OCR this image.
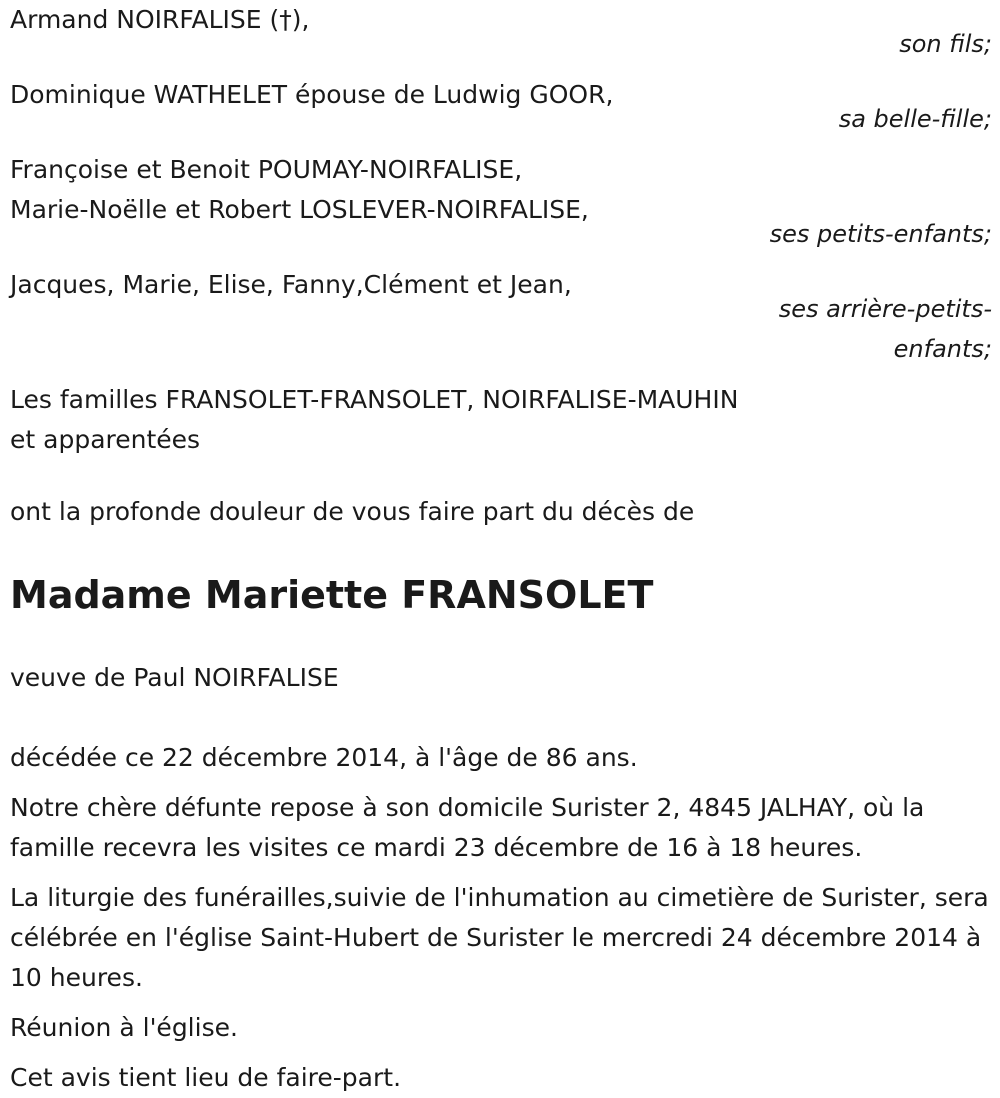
Armand NOIRFALISE (†),
son fils;
Dominique WATHELET épouse de Ludwig GOOR,
sa belle-fille;
Françoise et Benoit POUMAY-NOIRFALISE,
Marie-Noëlle et Robert LOSLEVER-NOIRFALISE,
ses petits-enfants;
Jacques, Marie, Elise, Fanny,Clément et Jean,
ses arrière-petits-enfants;
Les familles FRANSOLET-FRANSOLET, NOIRFALISE-MAUHIN
et apparentées
ont la profonde douleur de vous faire part du décès de
Madame Mariette FRANSOLET
veuve de Paul NOIRFALISE
décédée ce 22 décembre 2014, à l'âge de 86 ans.
Notre chère défunte repose à son domicile Surister 2, 4845 JALHAY, où la famille recevra les visites ce mardi 23 décembre de 16 à 18 heures.
La liturgie des funérailles,suivie de l'inhumation au cimetière de Surister, sera célébrée en l'église Saint-Hubert de Surister le mercredi 24 décembre 2014 à 10 heures.
Réunion à l'église.
Cet avis tient lieu de faire-part.
